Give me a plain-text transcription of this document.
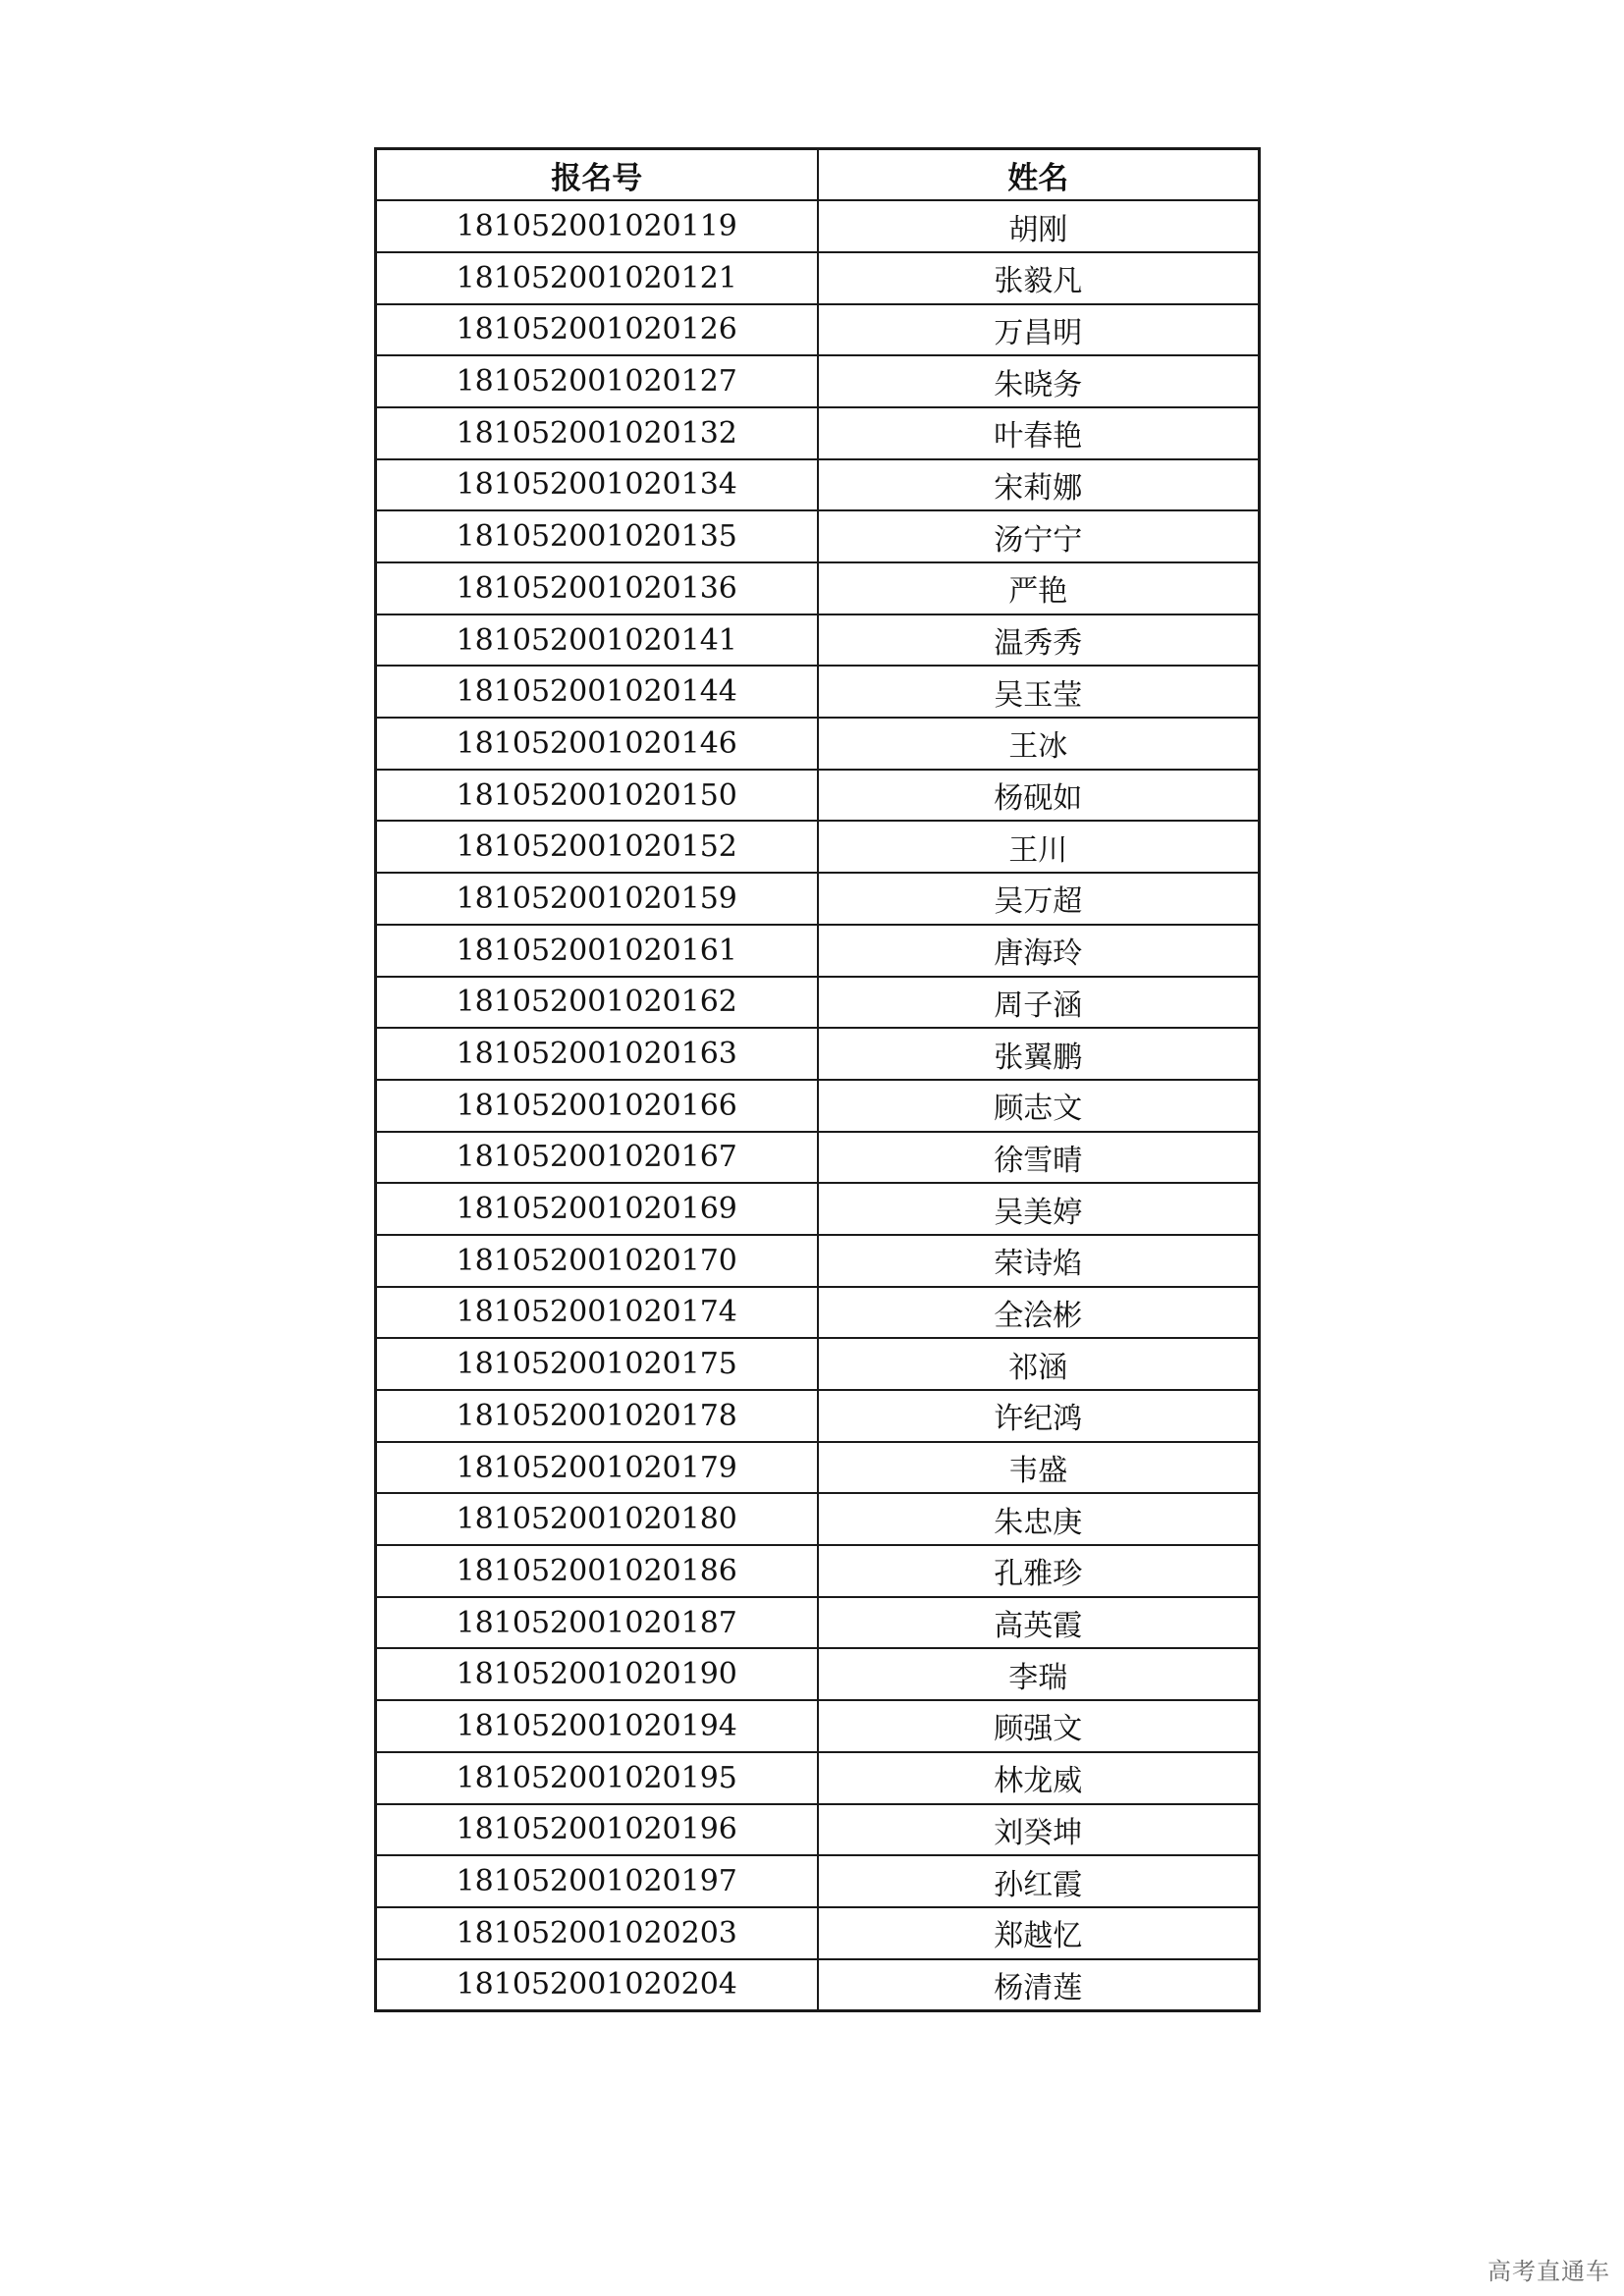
报名号	姓名
181052001020119	胡刚
181052001020121	张毅凡
181052001020126	万昌明
181052001020127	朱晓务
181052001020132	叶春艳
181052001020134	宋莉娜
181052001020135	汤宁宁
181052001020136	严艳
181052001020141	温秀秀
181052001020144	吴玉莹
181052001020146	王冰
181052001020150	杨砚如
181052001020152	王川
181052001020159	吴万超
181052001020161	唐海玲
181052001020162	周子涵
181052001020163	张翼鹏
181052001020166	顾志文
181052001020167	徐雪晴
181052001020169	吴美婷
181052001020170	荣诗焰
181052001020174	全浍彬
181052001020175	祁涵
181052001020178	许纪鸿
181052001020179	韦盛
181052001020180	朱忠庚
181052001020186	孔雅珍
181052001020187	高英霞
181052001020190	李瑞
181052001020194	顾强文
181052001020195	林龙威
181052001020196	刘癸坤
181052001020197	孙红霞
181052001020203	郑越忆
181052001020204	杨清莲
高考直通车
